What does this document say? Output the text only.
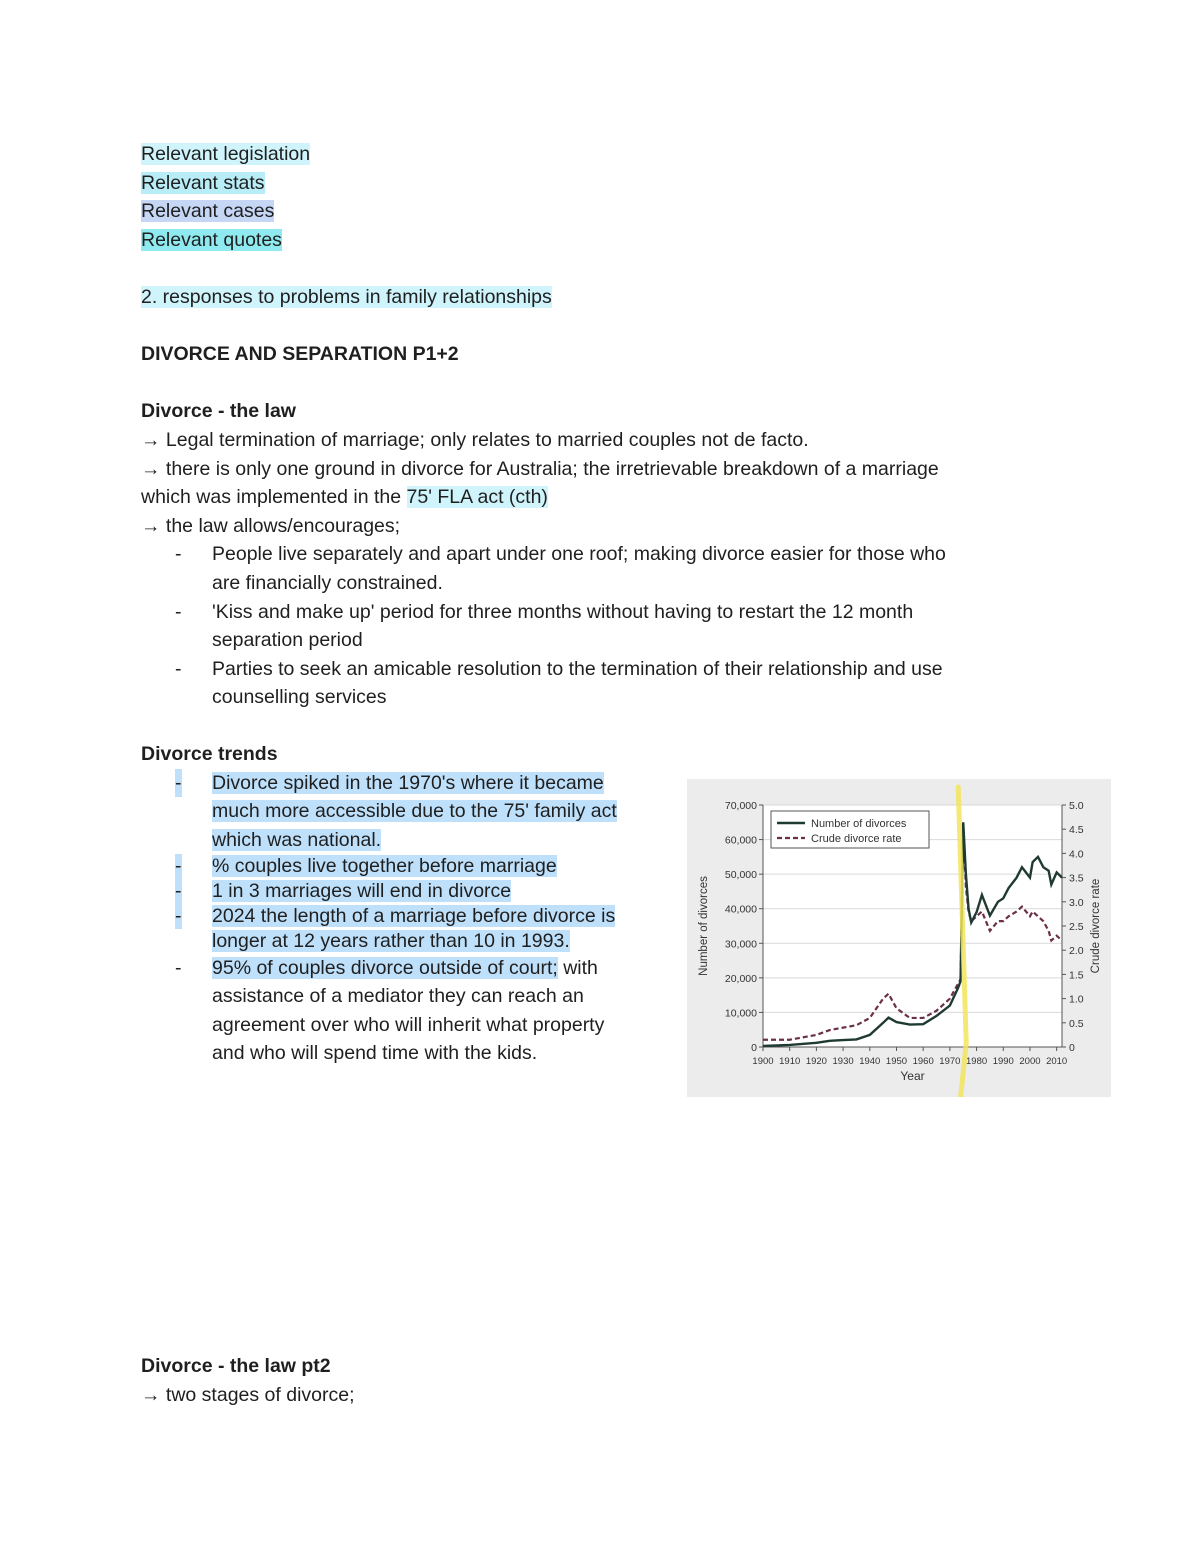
Relevant legislation
Relevant stats
Relevant cases
Relevant quotes
2. responses to problems in family relationships
DIVORCE AND SEPARATION P1+2
Divorce - the law
→ Legal termination of marriage; only relates to married couples not de facto.
→ there is only one ground in divorce for Australia; the irretrievable breakdown of a marriage
which was implemented in the 75' FLA act (cth)
→ the law allows/encourages;
- People live separately and apart under one roof; making divorce easier for those who
are financially constrained.
- 'Kiss and make up' period for three months without having to restart the 12 month
separation period
- Parties to seek an amicable resolution to the termination of their relationship and use
counselling services
Divorce trends
- Divorce spiked in the 1970's where it became
much more accessible due to the 75' family act
which was national.
- % couples live together before marriage
- 1 in 3 marriages will end in divorce
- 2024 the length of a marriage before divorce is
longer at 12 years rather than 10 in 1993.
- 95% of couples divorce outside of court; with
assistance of a mediator they can reach an
agreement over who will inherit what property
and who will spend time with the kids.	0
10,000
20,000
30,000
40,000
50,000
60,000
70,000
0
0.5
1.0
1.5
2.0
2.5
3.0
3.5
4.0
4.5
5.0
1900 1910 1920 1930 1940 1950 1960 1970 1980 1990 2000 2010
Year
Number of divorces	Crude divorce rate
Number of divorces
Crude divorce rate
Divorce - the law pt2
→ two stages of divorce;
